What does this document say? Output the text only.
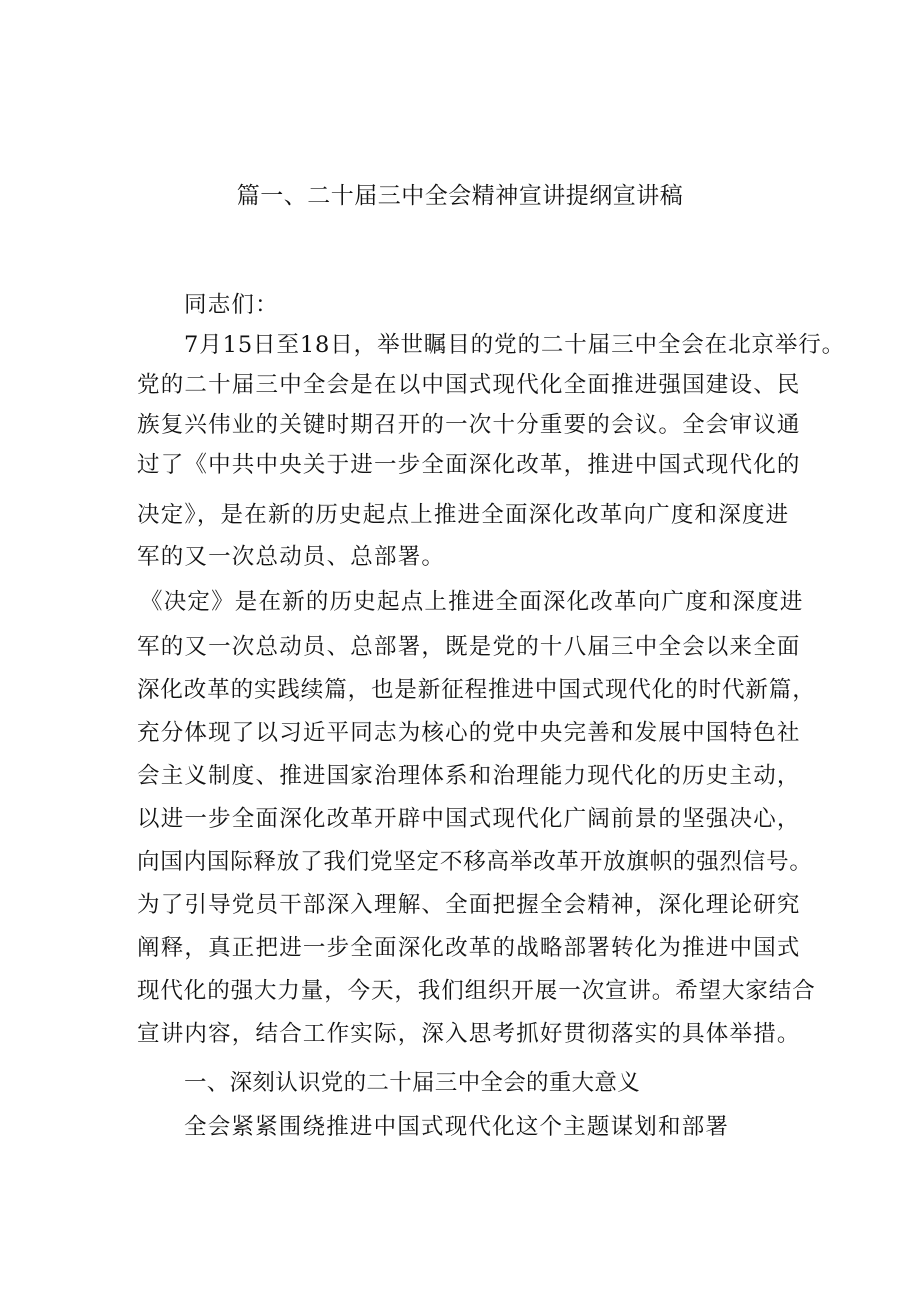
篇一、二十届三中全会精神宣讲提纲宣讲稿
同志们：
7月15日至18日，举世瞩目的党的二十届三中全会在北京举行。
党的二十届三中全会是在以中国式现代化全面推进强国建设、民
族复兴伟业的关键时期召开的一次十分重要的会议。全会审议通
过了《中共中央关于进一步全面深化改革，推进中国式现代化的
决定》，是在新的历史起点上推进全面深化改革向广度和深度进
军的又一次总动员、总部署。
《决定》是在新的历史起点上推进全面深化改革向广度和深度进
军的又一次总动员、总部署，既是党的十八届三中全会以来全面
深化改革的实践续篇，也是新征程推进中国式现代化的时代新篇，
充分体现了以习近平同志为核心的党中央完善和发展中国特色社
会主义制度、推进国家治理体系和治理能力现代化的历史主动，
以进一步全面深化改革开辟中国式现代化广阔前景的坚强决心，
向国内国际释放了我们党坚定不移高举改革开放旗帜的强烈信号。
为了引导党员干部深入理解、全面把握全会精神，深化理论研究
阐释，真正把进一步全面深化改革的战略部署转化为推进中国式
现代化的强大力量，今天，我们组织开展一次宣讲。希望大家结合
宣讲内容，结合工作实际，深入思考抓好贯彻落实的具体举措。
一、深刻认识党的二十届三中全会的重大意义
全会紧紧围绕推进中国式现代化这个主题谋划和部署
